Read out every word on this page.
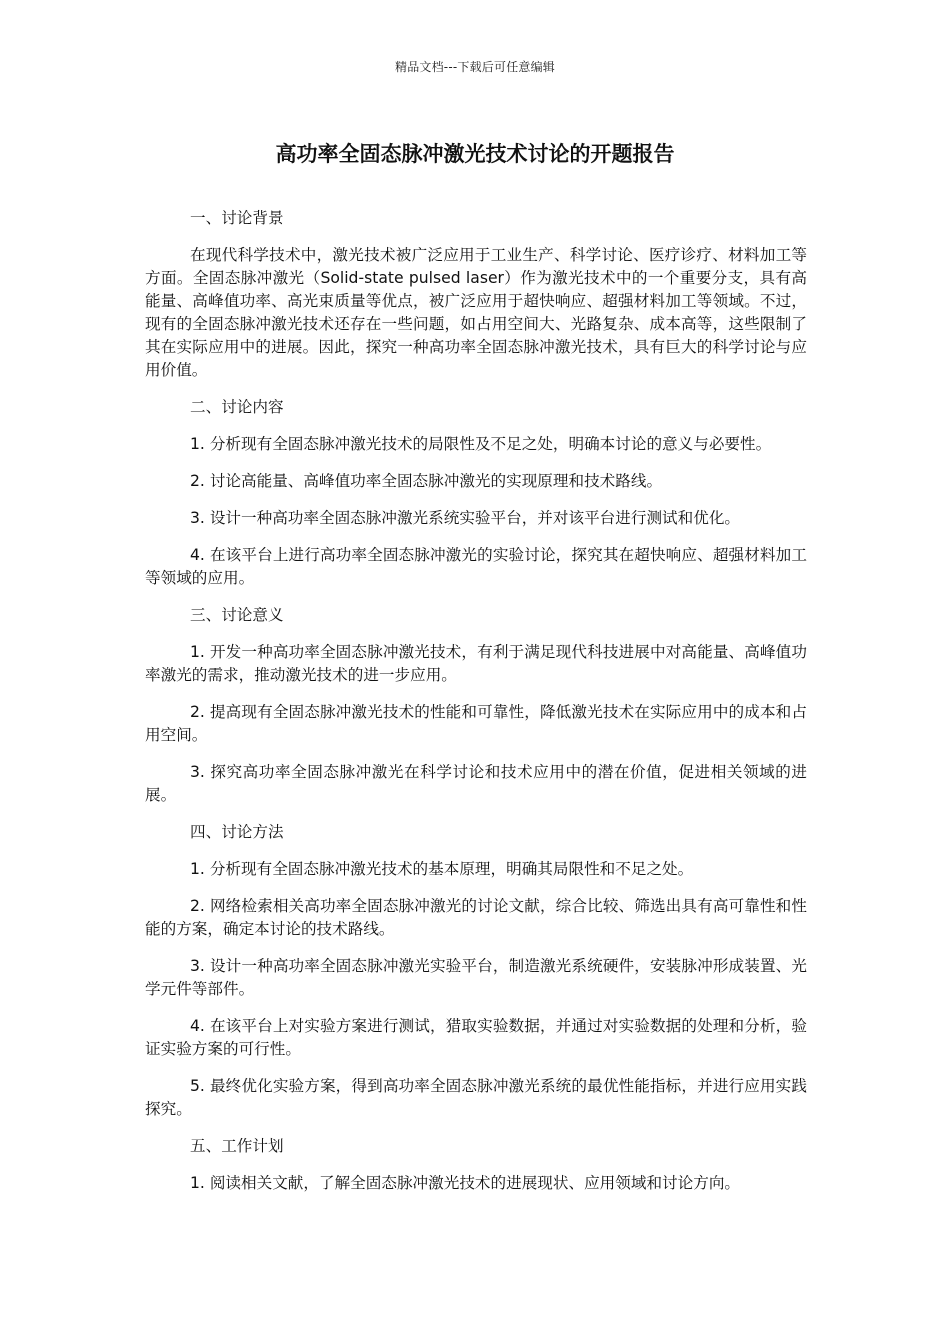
精品文档---下载后可任意编辑
高功率全固态脉冲激光技术讨论的开题报告
一、讨论背景

在现代科学技术中，激光技术被广泛应用于工业生产、科学讨论、医疗诊疗、材料加工等方面。全固态脉冲激光（Solid-state pulsed laser）作为激光技术中的一个重要分支，具有高能量、高峰值功率、高光束质量等优点，被广泛应用于超快响应、超强材料加工等领域。不过，现有的全固态脉冲激光技术还存在一些问题，如占用空间大、光路复杂、成本高等，这些限制了其在实际应用中的进展。因此，探究一种高功率全固态脉冲激光技术，具有巨大的科学讨论与应用价值。

二、讨论内容

1. 分析现有全固态脉冲激光技术的局限性及不足之处，明确本讨论的意义与必要性。

2. 讨论高能量、高峰值功率全固态脉冲激光的实现原理和技术路线。

3. 设计一种高功率全固态脉冲激光系统实验平台，并对该平台进行测试和优化。

4. 在该平台上进行高功率全固态脉冲激光的实验讨论，探究其在超快响应、超强材料加工等领域的应用。

三、讨论意义

1. 开发一种高功率全固态脉冲激光技术，有利于满足现代科技进展中对高能量、高峰值功率激光的需求，推动激光技术的进一步应用。

2. 提高现有全固态脉冲激光技术的性能和可靠性，降低激光技术在实际应用中的成本和占用空间。

3. 探究高功率全固态脉冲激光在科学讨论和技术应用中的潜在价值，促进相关领域的进展。

四、讨论方法

1. 分析现有全固态脉冲激光技术的基本原理，明确其局限性和不足之处。

2. 网络检索相关高功率全固态脉冲激光的讨论文献，综合比较、筛选出具有高可靠性和性能的方案，确定本讨论的技术路线。

3. 设计一种高功率全固态脉冲激光实验平台，制造激光系统硬件，安装脉冲形成装置、光学元件等部件。

4. 在该平台上对实验方案进行测试，猎取实验数据，并通过对实验数据的处理和分析，验证实验方案的可行性。

5. 最终优化实验方案，得到高功率全固态脉冲激光系统的最优性能指标，并进行应用实践探究。

五、工作计划

1. 阅读相关文献，了解全固态脉冲激光技术的进展现状、应用领域和讨论方向。
